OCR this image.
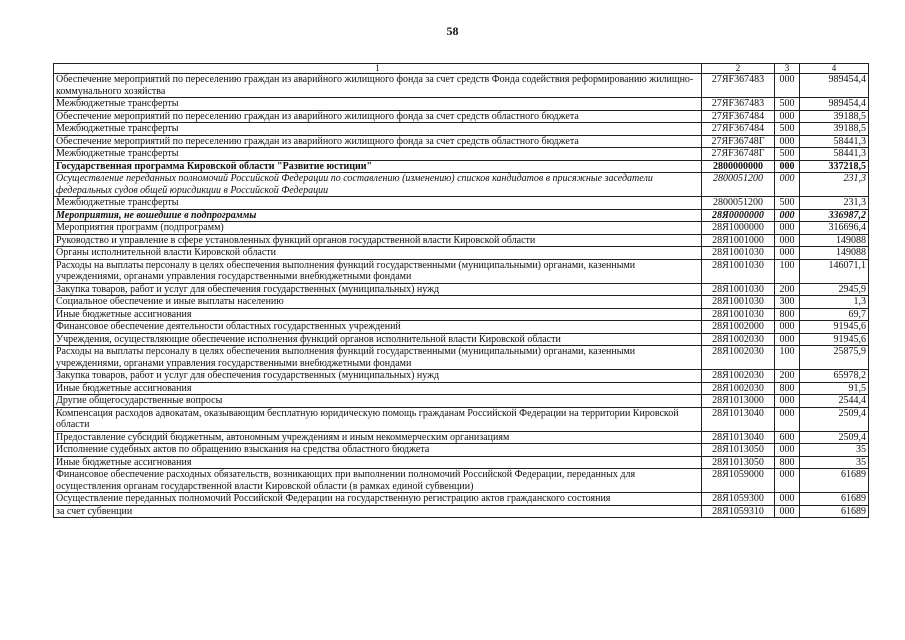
58
1	2	3	4
Обеспечение мероприятий по переселению граждан из аварийного жилищного фонда за счет средств Фонда содействия реформированию жилищно-коммунального хозяйства	27ЯF367483	000	989454,4
Межбюджетные трансферты	27ЯF367483	500	989454,4
Обеспечение мероприятий по переселению граждан из аварийного жилищного фонда за счет средств областного бюджета	27ЯF367484	000	39188,5
Межбюджетные трансферты	27ЯF367484	500	39188,5
Обеспечение мероприятий по переселению граждан из аварийного жилищного фонда за счет средств областного бюджета	27ЯF36748Г	000	58441,3
Межбюджетные трансферты	27ЯF36748Г	500	58441,3
Государственная программа Кировской области "Развитие юстиции"	2800000000	000	337218,5
Осуществление переданных полномочий Российской Федерации по составлению (изменению) списков кандидатов в присяжные заседатели федеральных судов общей юрисдикции в Российской Федерации	2800051200	000	231,3
Межбюджетные трансферты	2800051200	500	231,3
Мероприятия, не вошедшие в подпрограммы	28Я0000000	000	336987,2
Мероприятия программ (подпрограмм)	28Я1000000	000	316696,4
Руководство и управление в сфере установленных функций органов государственной власти Кировской области	28Я1001000	000	149088
Органы исполнительной власти Кировской области	28Я1001030	000	149088
Расходы на выплаты персоналу в целях обеспечения выполнения функций государственными (муниципальными) органами, казенными учреждениями, органами управления государственными внебюджетными фондами	28Я1001030	100	146071,1
Закупка товаров, работ и услуг для обеспечения государственных (муниципальных) нужд	28Я1001030	200	2945,9
Социальное обеспечение и иные выплаты населению	28Я1001030	300	1,3
Иные бюджетные ассигнования	28Я1001030	800	69,7
Финансовое обеспечение деятельности областных государственных учреждений	28Я1002000	000	91945,6
Учреждения, осуществляющие обеспечение исполнения функций органов исполнительной власти Кировской области	28Я1002030	000	91945,6
Расходы на выплаты персоналу в целях обеспечения выполнения функций государственными (муниципальными) органами, казенными учреждениями, органами управления государственными внебюджетными фондами	28Я1002030	100	25875,9
Закупка товаров, работ и услуг для обеспечения государственных (муниципальных) нужд	28Я1002030	200	65978,2
Иные бюджетные ассигнования	28Я1002030	800	91,5
Другие общегосударственные вопросы	28Я1013000	000	2544,4
Компенсация расходов адвокатам, оказывающим бесплатную юридическую помощь гражданам Российской Федерации на территории Кировской области	28Я1013040	000	2509,4
Предоставление субсидий бюджетным, автономным учреждениям и иным некоммерческим организациям	28Я1013040	600	2509,4
Исполнение судебных актов по обращению взыскания на средства областного бюджета	28Я1013050	000	35
Иные бюджетные ассигнования	28Я1013050	800	35
Финансовое обеспечение расходных обязательств, возникающих при выполнении полномочий Российской Федерации, переданных для осуществления органам государственной власти Кировской области (в рамках единой субвенции)	28Я1059000	000	61689
Осуществление переданных полномочий Российской Федерации на государственную регистрацию актов гражданского состояния	28Я1059300	000	61689
за счет субвенции	28Я1059310	000	61689
